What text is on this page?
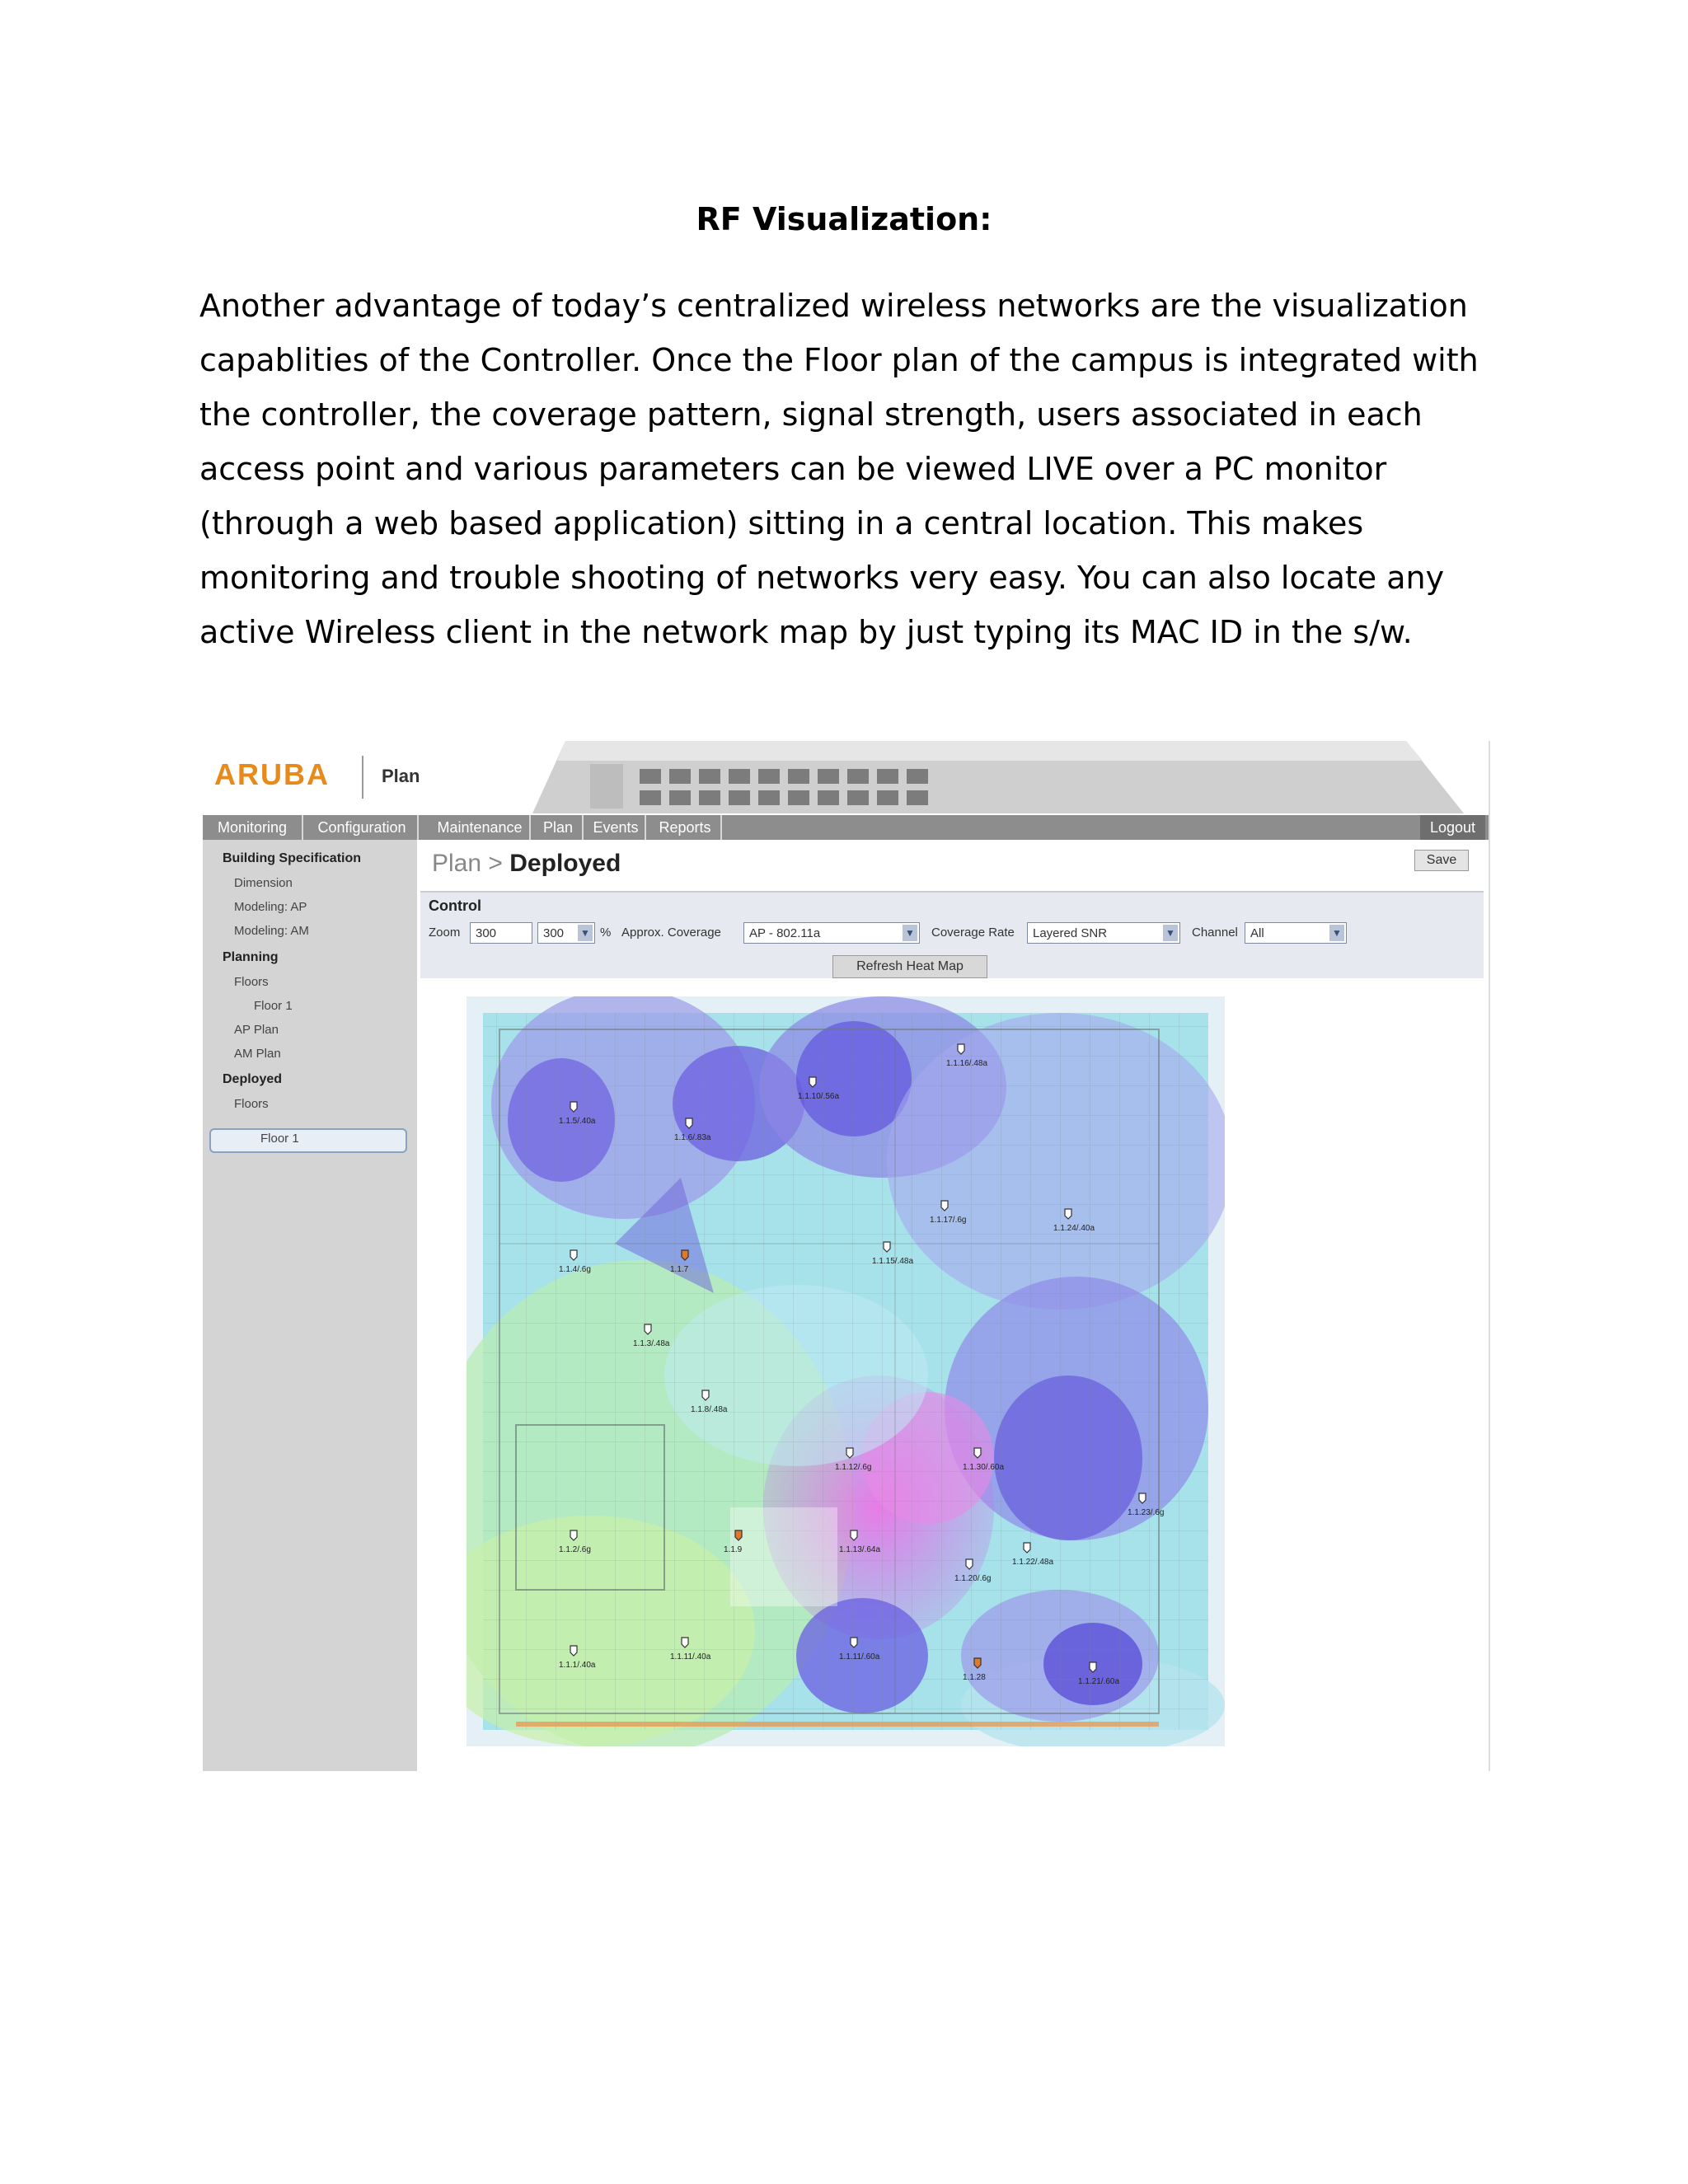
RF Visualization:
Another advantage of today’s centralized wireless networks are the visualization
capablities of the Controller. Once the Floor plan of the campus is integrated with
the controller, the coverage pattern, signal strength, users associated in each
access point and various parameters can be viewed LIVE over a PC monitor
(through a web based application) sitting in a central location. This makes
monitoring and trouble shooting of networks very easy. You can also locate any
active Wireless client in the network map by just typing its MAC ID in the s/w.
ARUBA	Plan
Monitoring	Configuration	Maintenance	Plan	Events	Reports	Logout
Building Specification
Dimension
Modeling: AP
Modeling: AM
Planning
Floors
Floor 1
AP Plan
AM Plan
Deployed
Floors
Floor 1
Plan > Deployed	Save
Control
Zoom	300	300 ▼ % Approx. Coverage	AP - 802.11a	▼ Coverage Rate	Layered SNR	▼ Channel	All	▼
Refresh Heat Map
1.1.5/.40a
1.1.6/.83a
1.1.10/.56a
1.1.16/.48a
1.1.17/.6g
1.1.24/.40a
1.1.4/.6g	1.1.7
1.1.15/.48a
1.1.3/.48a
1.1.8/.48a
1.1.12/.6g	1.1.30/.60a
1.1.23/.6g
1.1.2/.6g	1.1.9	1.1.13/.64a
1.1.22/.48a
1.1.20/.6g
1.1.1/.40a
1.1.11/.40a	1.1.11/.60a
1.1.28	1.1.21/.60a
